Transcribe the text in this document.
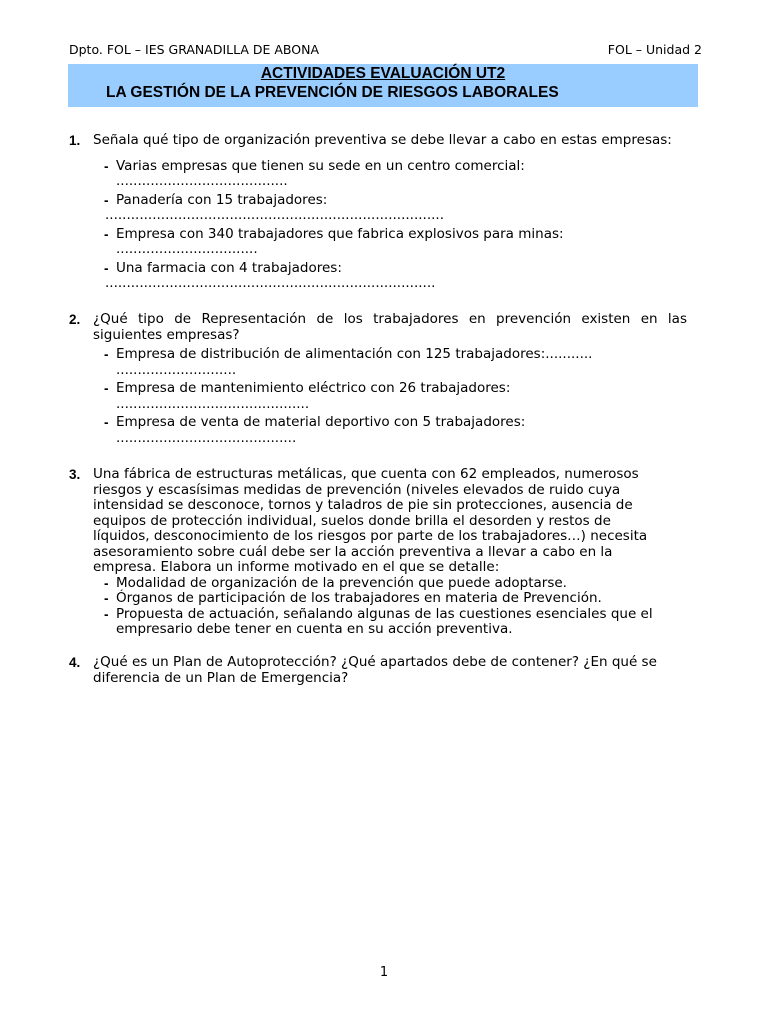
Dpto. FOL – IES GRANADILLA DE ABONA	FOL – Unidad 2
ACTIVIDADES EVALUACIÓN UT2
LA GESTIÓN DE LA PREVENCIÓN DE RIESGOS LABORALES
1. Señala qué tipo de organización preventiva se debe llevar a cabo en estas empresas:
- Varias empresas que tienen su sede en un centro comercial:
........................................
- Panadería con 15 trabajadores:
...............................................................................
- Empresa con 340 trabajadores que fabrica explosivos para minas:
.................................
- Una farmacia con 4 trabajadores:
.............................................................................
2. ¿Qué tipo de Representación de los trabajadores en prevención existen en las siguientes empresas?
- Empresa de distribución de alimentación con 125 trabajadores:...........
............................
- Empresa de mantenimiento eléctrico con 26 trabajadores:
.............................................
- Empresa de venta de material deportivo con 5 trabajadores:
..........................................
3. Una fábrica de estructuras metálicas, que cuenta con 62 empleados, numerosos
riesgos y escasísimas medidas de prevención (niveles elevados de ruido cuya
intensidad se desconoce, tornos y taladros de pie sin protecciones, ausencia de
equipos de protección individual, suelos donde brilla el desorden y restos de
líquidos, desconocimiento de los riesgos por parte de los trabajadores…) necesita
asesoramiento sobre cuál debe ser la acción preventiva a llevar a cabo en la
empresa. Elabora un informe motivado en el que se detalle:
- Modalidad de organización de la prevención que puede adoptarse.
- Órganos de participación de los trabajadores en materia de Prevención.
- Propuesta de actuación, señalando algunas de las cuestiones esenciales que el
empresario debe tener en cuenta en su acción preventiva.
4. ¿Qué es un Plan de Autoprotección? ¿Qué apartados debe de contener? ¿En qué se
diferencia de un Plan de Emergencia?
1
